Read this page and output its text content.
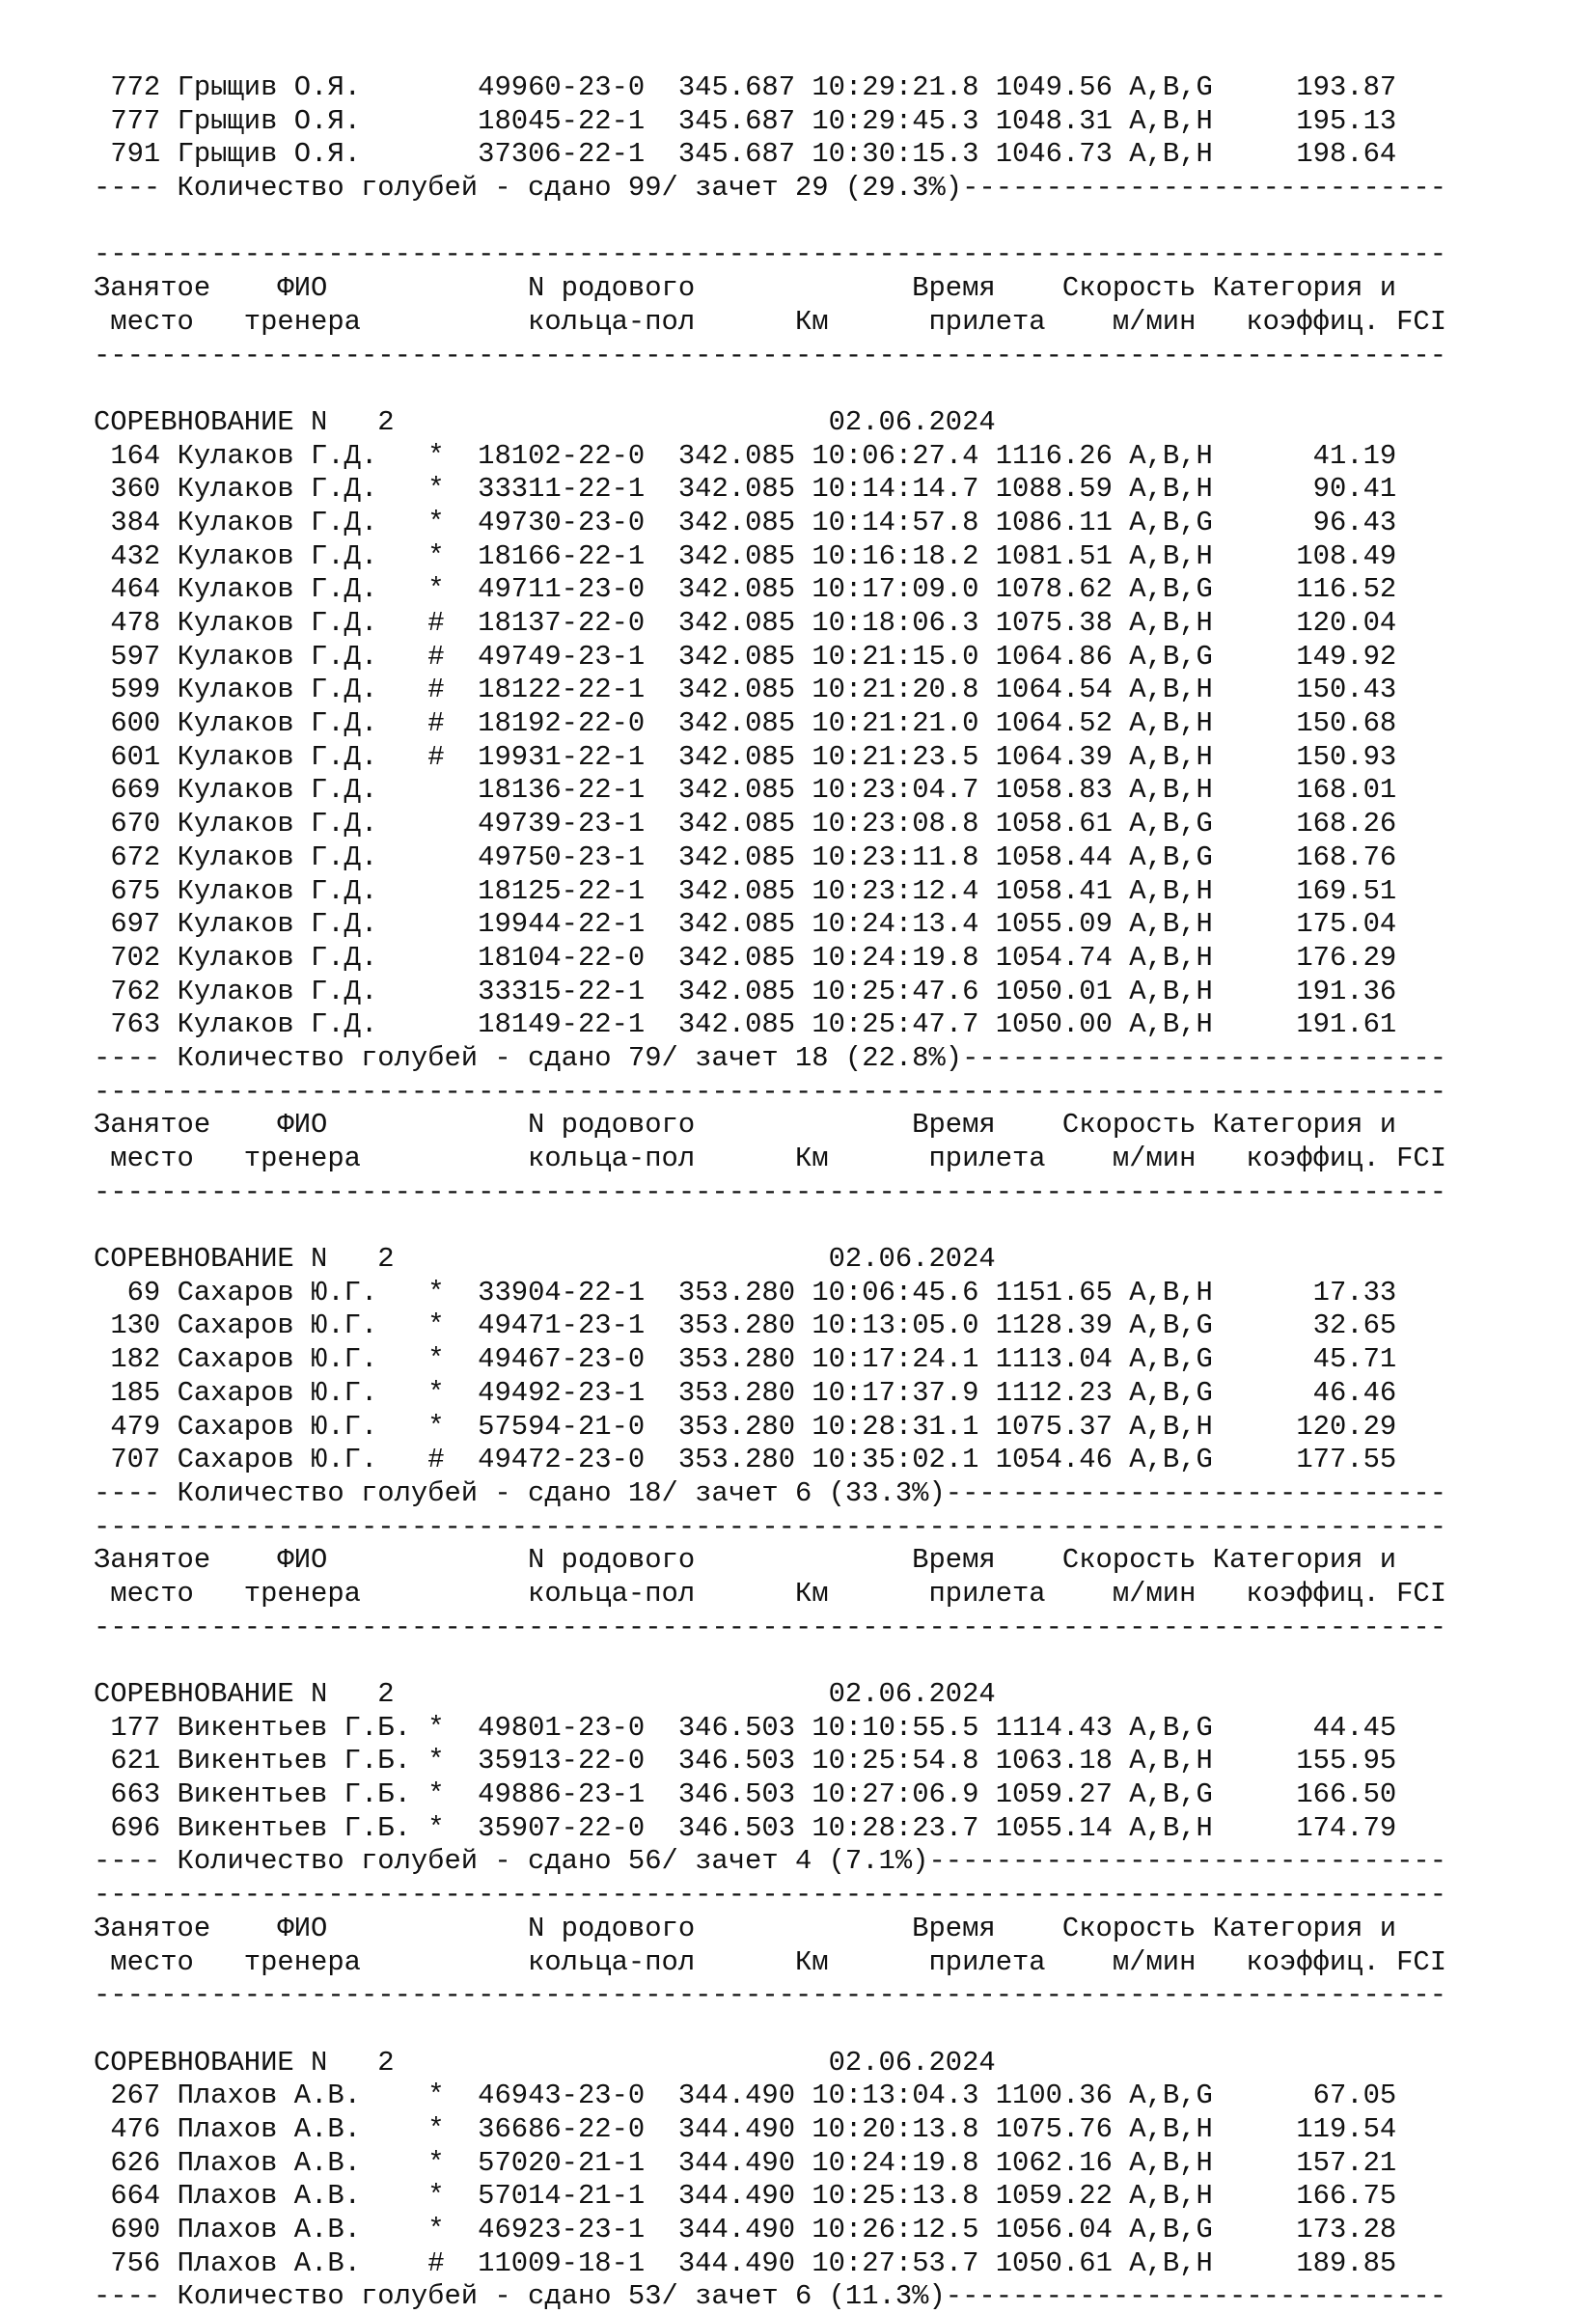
772 Грыщив О.Я.       49960-23-0 345.687 10:29:21.8 1049.56 A,B,G     193.87
777 Грыщив О.Я.       18045-22-1 345.687 10:29:45.3 1048.31 A,B,H     195.13
791 Грыщив О.Я.       37306-22-1 345.687 10:30:15.3 1046.73 A,B,H     198.64
---- Количество голубей - сдано 99/ зачет 29 (29.3%)-----------------------------
---------------------------------------------------------------------------------
Занятое    ФИО            N родового             Время    Скорость Категория и
место   тренера          кольца-пол      Км      прилета    м/мин   коэффиц. FCI
---------------------------------------------------------------------------------
СОРЕВНОВАНИЕ N   2                          02.06.2024
164 Кулаков Г.Д.   * 18102-22-0 342.085 10:06:27.4 1116.26 A,B,H      41.19
360 Кулаков Г.Д.   * 33311-22-1 342.085 10:14:14.7 1088.59 A,B,H      90.41
384 Кулаков Г.Д.   * 49730-23-0 342.085 10:14:57.8 1086.11 A,B,G      96.43
432 Кулаков Г.Д.   * 18166-22-1 342.085 10:16:18.2 1081.51 A,B,H     108.49
464 Кулаков Г.Д.   * 49711-23-0 342.085 10:17:09.0 1078.62 A,B,G     116.52
478 Кулаков Г.Д.   # 18137-22-0 342.085 10:18:06.3 1075.38 A,B,H     120.04
597 Кулаков Г.Д.   # 49749-23-1 342.085 10:21:15.0 1064.86 A,B,G     149.92
599 Кулаков Г.Д.   # 18122-22-1 342.085 10:21:20.8 1064.54 A,B,H     150.43
600 Кулаков Г.Д.   # 18192-22-0 342.085 10:21:21.0 1064.52 A,B,H     150.68
601 Кулаков Г.Д.   # 19931-22-1 342.085 10:21:23.5 1064.39 A,B,H     150.93
669 Кулаков Г.Д.      18136-22-1 342.085 10:23:04.7 1058.83 A,B,H     168.01
670 Кулаков Г.Д.      49739-23-1 342.085 10:23:08.8 1058.61 A,B,G     168.26
672 Кулаков Г.Д.      49750-23-1 342.085 10:23:11.8 1058.44 A,B,G     168.76
675 Кулаков Г.Д.      18125-22-1 342.085 10:23:12.4 1058.41 A,B,H     169.51
697 Кулаков Г.Д.      19944-22-1 342.085 10:24:13.4 1055.09 A,B,H     175.04
702 Кулаков Г.Д.      18104-22-0 342.085 10:24:19.8 1054.74 A,B,H     176.29
762 Кулаков Г.Д.      33315-22-1 342.085 10:25:47.6 1050.01 A,B,H     191.36
763 Кулаков Г.Д.      18149-22-1 342.085 10:25:47.7 1050.00 A,B,H     191.61
---- Количество голубей - сдано 79/ зачет 18 (22.8%)-----------------------------
---------------------------------------------------------------------------------
Занятое    ФИО            N родового             Время    Скорость Категория и
место   тренера          кольца-пол      Км      прилета    м/мин   коэффиц. FCI
---------------------------------------------------------------------------------
СОРЕВНОВАНИЕ N   2                          02.06.2024
69 Сахаров Ю.Г.   * 33904-22-1 353.280 10:06:45.6 1151.65 A,B,H      17.33
130 Сахаров Ю.Г.   * 49471-23-1 353.280 10:13:05.0 1128.39 A,B,G      32.65
182 Сахаров Ю.Г.   * 49467-23-0 353.280 10:17:24.1 1113.04 A,B,G      45.71
185 Сахаров Ю.Г.   * 49492-23-1 353.280 10:17:37.9 1112.23 A,B,G      46.46
479 Сахаров Ю.Г.   * 57594-21-0 353.280 10:28:31.1 1075.37 A,B,H     120.29
707 Сахаров Ю.Г.   # 49472-23-0 353.280 10:35:02.1 1054.46 A,B,G     177.55
---- Количество голубей - сдано 18/ зачет 6 (33.3%)------------------------------
---------------------------------------------------------------------------------
Занятое    ФИО            N родового             Время    Скорость Категория и
место   тренера          кольца-пол      Км      прилета    м/мин   коэффиц. FCI
---------------------------------------------------------------------------------
СОРЕВНОВАНИЕ N   2                          02.06.2024
177 Викентьев Г.Б. * 49801-23-0 346.503 10:10:55.5 1114.43 A,B,G      44.45
621 Викентьев Г.Б. * 35913-22-0 346.503 10:25:54.8 1063.18 A,B,H     155.95
663 Викентьев Г.Б. * 49886-23-1 346.503 10:27:06.9 1059.27 A,B,G     166.50
696 Викентьев Г.Б. * 35907-22-0 346.503 10:28:23.7 1055.14 A,B,H     174.79
---- Количество голубей - сдано 56/ зачет 4 (7.1%)-------------------------------
---------------------------------------------------------------------------------
Занятое    ФИО            N родового             Время    Скорость Категория и
место   тренера          кольца-пол      Км      прилета    м/мин   коэффиц. FCI
---------------------------------------------------------------------------------
СОРЕВНОВАНИЕ N   2                          02.06.2024
267 Плахов А.В.    * 46943-23-0 344.490 10:13:04.3 1100.36 A,B,G      67.05
476 Плахов А.В.    * 36686-22-0 344.490 10:20:13.8 1075.76 A,B,H     119.54
626 Плахов А.В.    * 57020-21-1 344.490 10:24:19.8 1062.16 A,B,H     157.21
664 Плахов А.В.    * 57014-21-1 344.490 10:25:13.8 1059.22 A,B,H     166.75
690 Плахов А.В.    * 46923-23-1 344.490 10:26:12.5 1056.04 A,B,G     173.28
756 Плахов А.В.    # 11009-18-1 344.490 10:27:53.7 1050.61 A,B,H     189.85
---- Количество голубей - сдано 53/ зачет 6 (11.3%)------------------------------
